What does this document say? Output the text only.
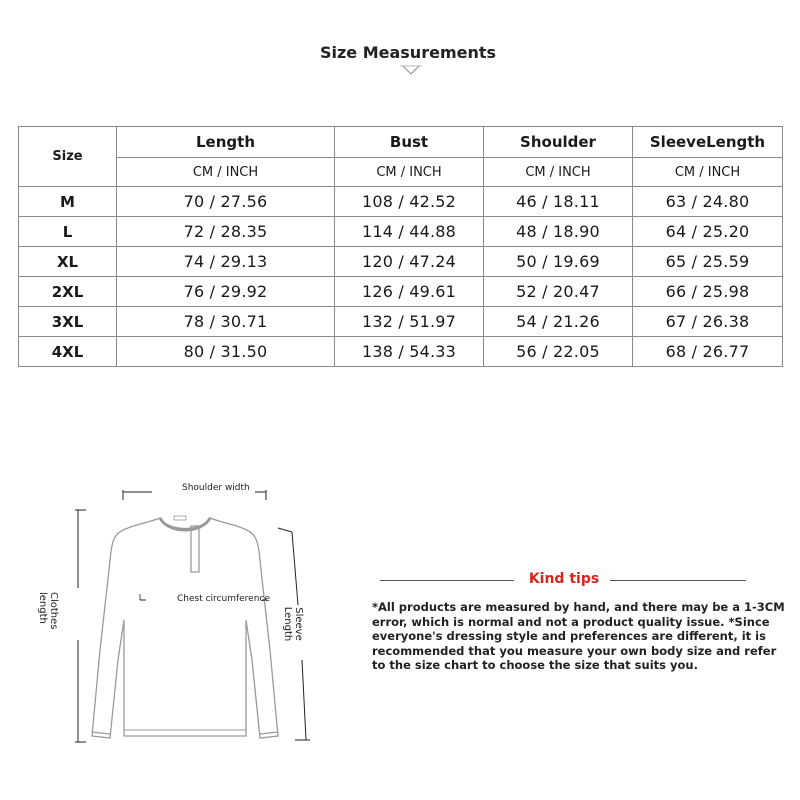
Size Measurements
Size	Length	Bust	Shoulder	SleeveLength
	CM / INCH	CM / INCH	CM / INCH	CM / INCH
M	70 / 27.56	108 / 42.52	46 / 18.11	63 / 24.80
L	72 / 28.35	114 / 44.88	48 / 18.90	64 / 25.20
XL	74 / 29.13	120 / 47.24	50 / 19.69	65 / 25.59
2XL	76 / 29.92	126 / 49.61	52 / 20.47	66 / 25.98
3XL	78 / 30.71	132 / 51.97	54 / 21.26	67 / 26.38
4XL	80 / 31.50	138 / 54.33	56 / 22.05	68 / 26.77
Shoulder width
Chest circumference
Clothes length	Sleeve Length
Kind tips
*All products are measured by hand, and there may be a 1-3CM error, which is normal and not a product quality issue. *Since everyone's dressing style and preferences are different, it is recommended that you measure your own body size and refer to the size chart to choose the size that suits you.
